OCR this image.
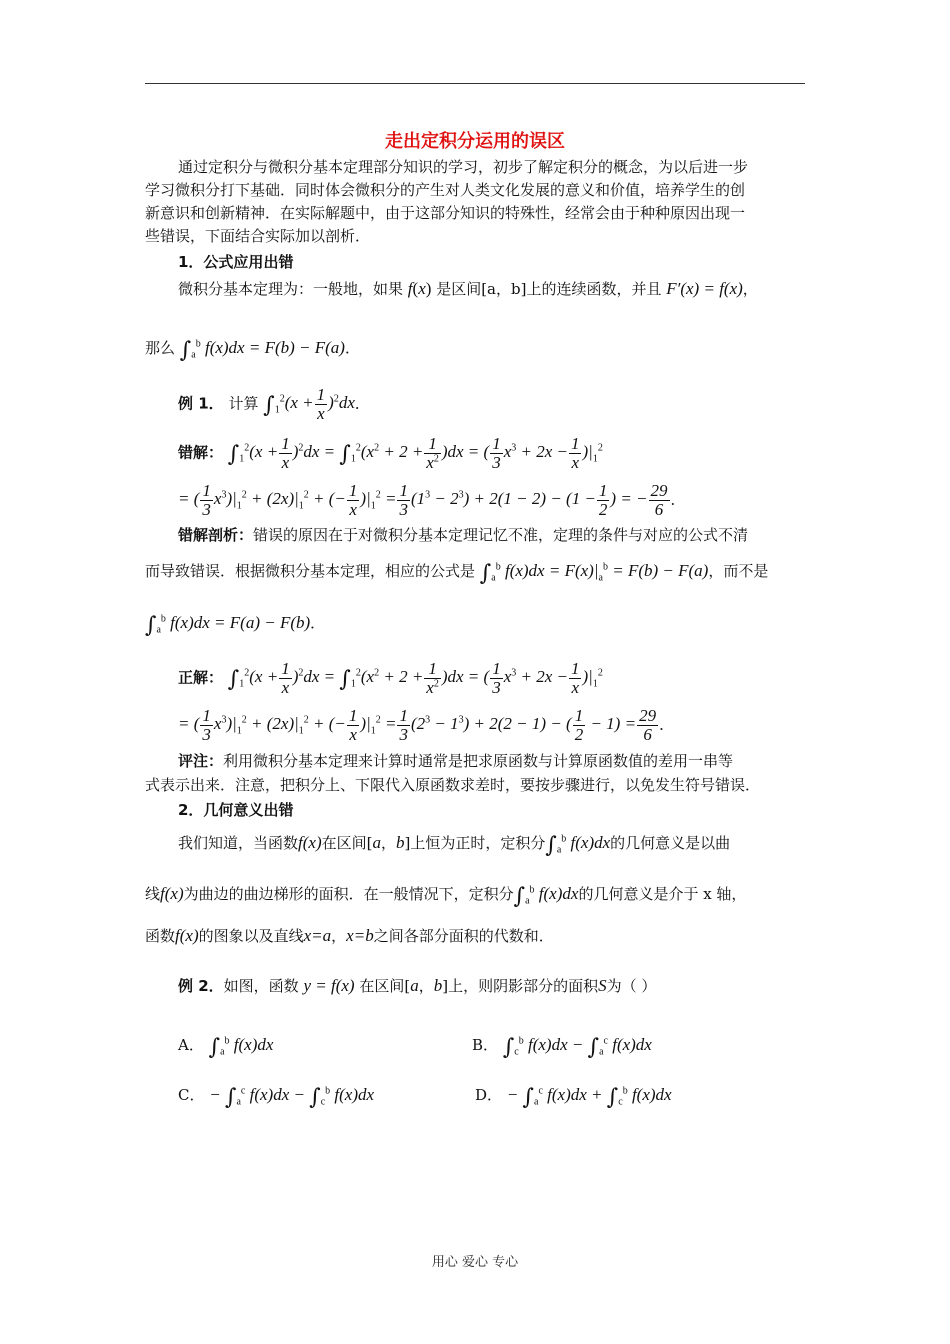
走出定积分运用的误区
通过定积分与微积分基本定理部分知识的学习，初步了解定积分的概念，为以后进一步
学习微积分打下基础．同时体会微积分的产生对人类文化发展的意义和价值，培养学生的创
新意识和创新精神．在实际解题中，由于这部分知识的特殊性，经常会由于种种原因出现一
些错误，下面结合实际加以剖析．
1．公式应用出错
微积分基本定理为：一般地，如果 f(x) 是区间[a，b]上的连续函数，并且 F′(x) = f(x)，
那么 $\int_a^b$ f(x)dx = F(b) − F(a)．
例 1． 计算 $\int_1^2(x + \frac{1}{x} )^2dx$．
错解： $\int_1^2(x + \frac{1}{x} )^2dx = \int_1^2(x^2 + 2 + \frac{1}{x^2} )dx$ = ( $\frac{1}{3} x^3 + 2x - \frac{1}{x} )|_1^2$
= ( $\frac{1}{3} x^3)|_1^2 + (2x)|_1^2$ + (− $\frac{1}{x} )|_1^2 = \frac{1}{3} (1^3 - 2^3) + 2(1 - 2) - (1 - \frac{1}{2}$ ) = − $\frac{29}{6}$ ．
错解剖析：错误的原因在于对微积分基本定理记忆不准，定理的条件与对应的公式不清
而导致错误．根据微积分基本定理，相应的公式是 $\int_a^b$ $f(x)dx = F(x)|_a^b = F(b) - F(a)$，而不是
$\int_a^b$ f(x)dx = F(a) − F(b)．
正解： $\int_1^2(x + \frac{1}{x} )^2dx = \int_1^2(x^2 + 2 + \frac{1}{x^2} )dx$ = ( $\frac{1}{3} x^3 + 2x - \frac{1}{x} )|_1^2$
= ( $\frac{1}{3} x^3)|_1^2 + (2x)|_1^2$ + (− $\frac{1}{x} )|_1^2 = \frac{1}{3} (2^3 - 1^3) + 2(2 - 1)$ − ( $\frac{1}{2} - 1) = \frac{29}{6}$ ．
评注：利用微积分基本定理来计算时通常是把求原函数与计算原函数值的差用一串等
式表示出来．注意，把积分上、下限代入原函数求差时，要按步骤进行，以免发生符号错误．
2．几何意义出错
我们知道，当函数f(x)在区间[a，b]上恒为正时，定积分$\int_a^b$ f(x)dx的几何意义是以曲
线f(x)为曲边的曲边梯形的面积．在一般情况下，定积分$\int_a^b$ f(x)dx的几何意义是介于 x 轴，
函数f(x)的图象以及直线x=a，x=b之间各部分面积的代数和．
例 2．如图，函数 y = f(x) 在区间[a，b]上，则阴影部分的面积S为（ ）
A． $\int_a^b$ f(x)dx	B． $\int_c^b$ $f(x)dx - \int_a^c$ f(x)dx
C． − $\int_a^c$ $f(x)dx - \int_c^b$ f(x)dx	D． − $\int_a^c$ $f(x)dx + \int_c^b$ f(x)dx
用心 爱心 专心
